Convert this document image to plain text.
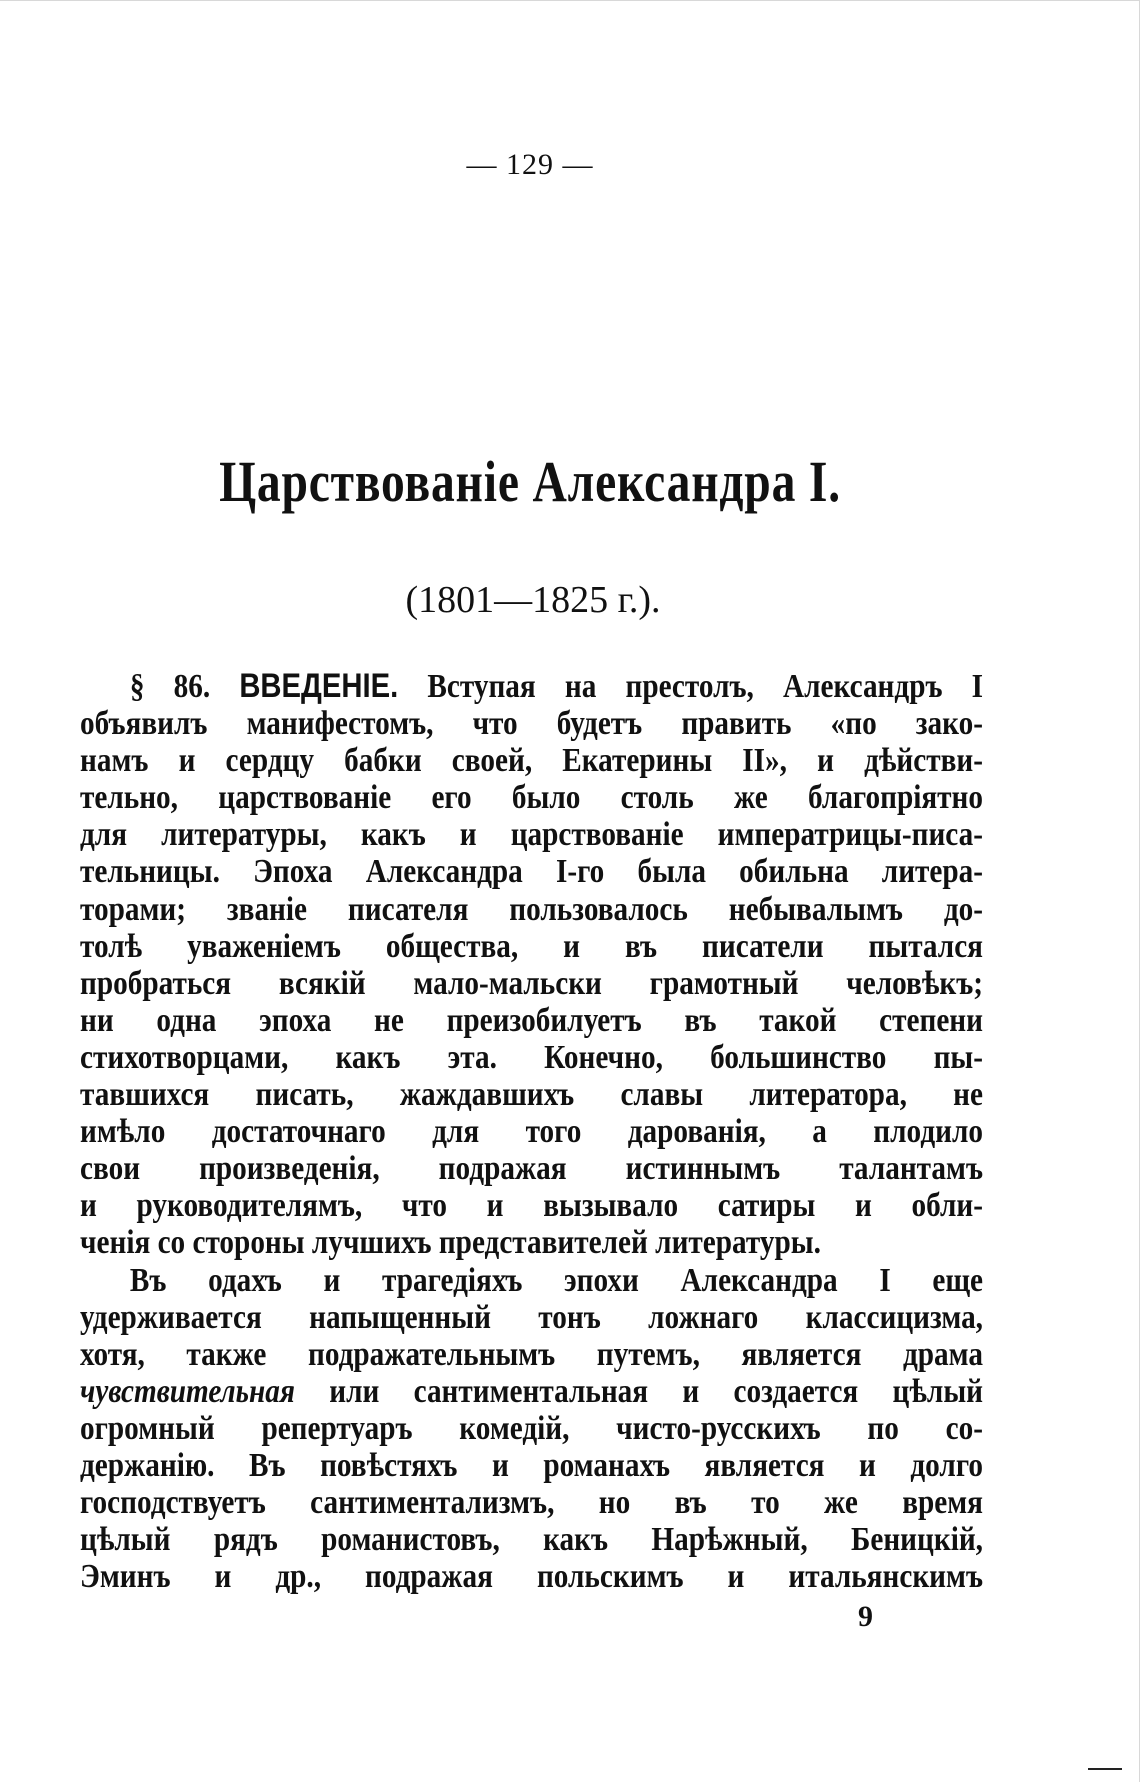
— 129 —
Царствованіе Александра I.
(1801—1825 г.).
§ 86. ВВЕДЕНІЕ. Вступая на престолъ, Александръ I
объявилъ манифестомъ, что будетъ править «по зако-
намъ и сердцу бабки своей, Екатерины II», и дѣйстви-
тельно, царствованіе его было столь же благопріятно
для литературы, какъ и царствованіе императрицы-писа-
тельницы. Эпоха Александра I-го была обильна литера-
торами; званіе писателя пользовалось небывалымъ до-
толѣ уваженіемъ общества, и въ писатели пытался
пробраться всякій мало-мальски грамотный человѣкъ;
ни одна эпоха не преизобилуетъ въ такой степени
стихотворцами, какъ эта. Конечно, большинство пы-
тавшихся писать, жаждавшихъ славы литератора, не
имѣло достаточнаго для того дарованія, а плодило
свои произведенія, подражая истиннымъ талантамъ
и руководителямъ, что и вызывало сатиры и обли-
ченія со стороны лучшихъ представителей литературы.
Въ одахъ и трагедіяхъ эпохи Александра I еще
удерживается напыщенный тонъ ложнаго классицизма,
хотя, также подражательнымъ путемъ, является драма
чувствительная или сантиментальная и создается цѣлый
огромный репертуаръ комедій, чисто-русскихъ по со-
держанію. Въ повѣстяхъ и романахъ является и долго
господствуетъ сантиментализмъ, но въ то же время
цѣлый рядъ романистовъ, какъ Нарѣжный, Беницкій,
Эминъ и др., подражая польскимъ и итальянскимъ
9
